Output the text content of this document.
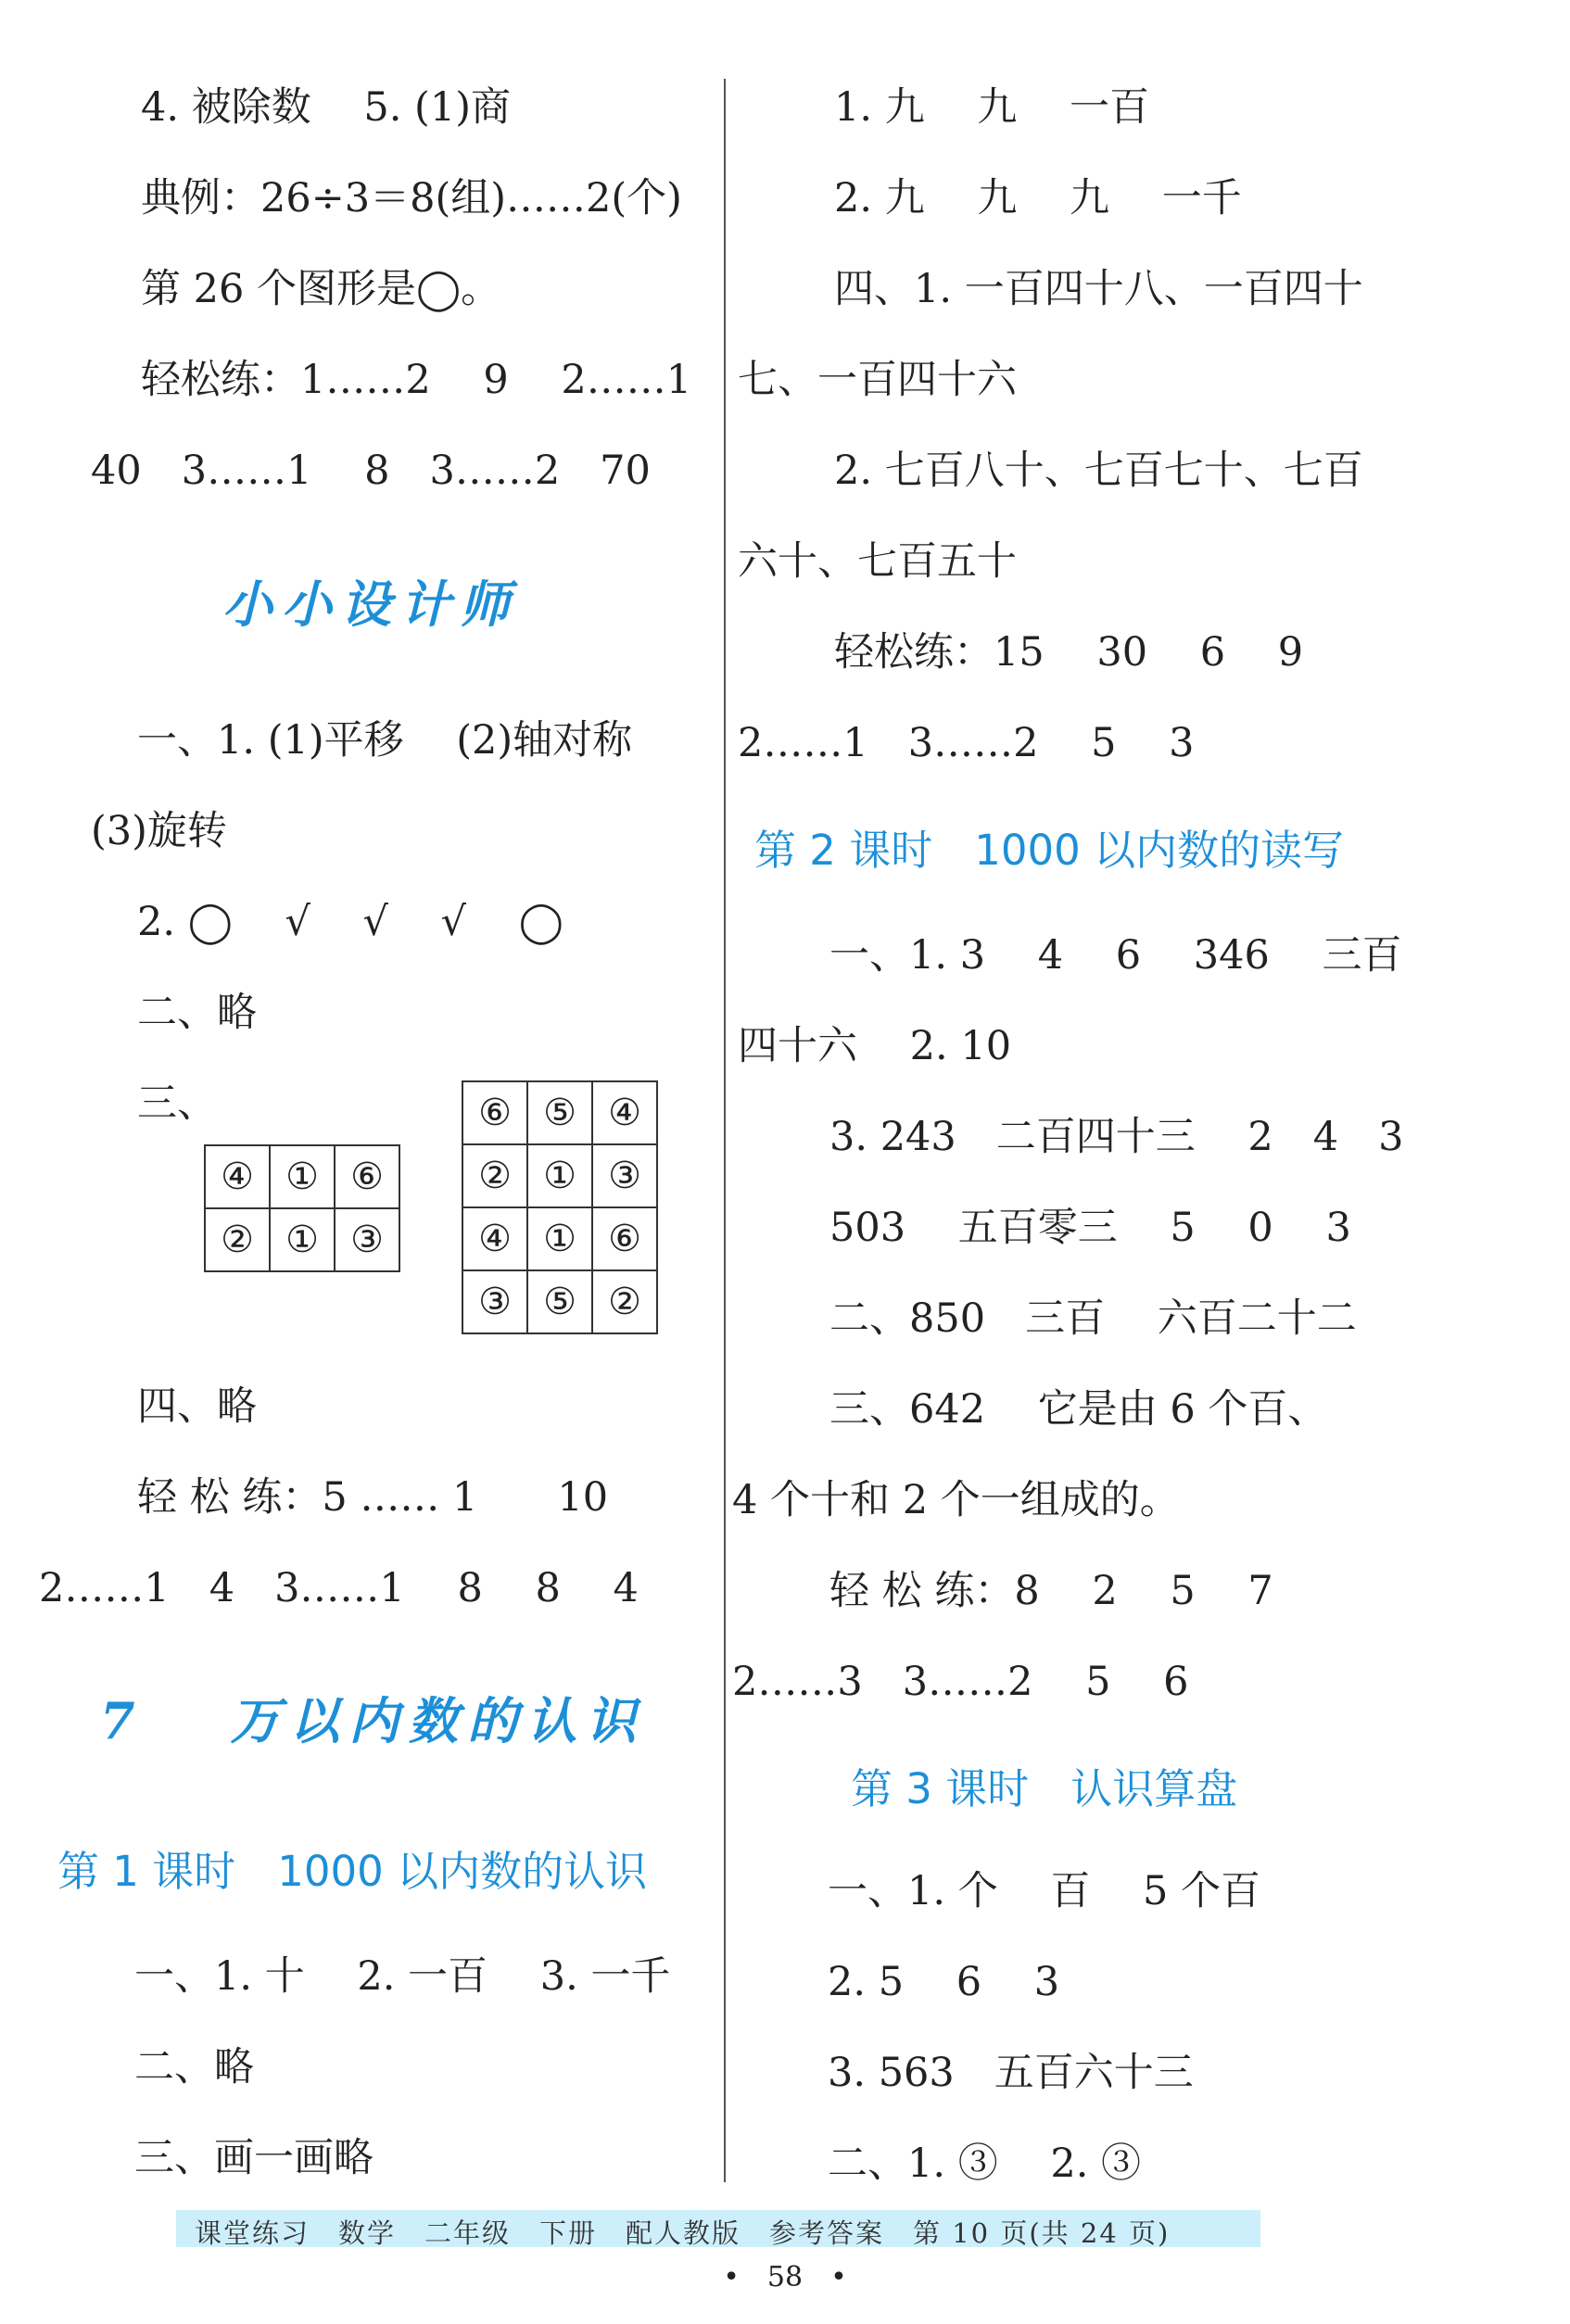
4. 被除数　 5. (1)商
典例：26÷3＝8(组)……2(个)
第 26 个图形是◯。
轻松练：1……2　 9　 2……1
40　3……1　 8　3……2　70
小小设计师
一、1. (1)平移　 (2)轴对称
(3)旋转
2. ◯　 √　 √　 √　 ◯
二、略
三、
④	①	⑥
②	①	③
⑥	⑤	④
②	①	③
④	①	⑥
③	⑤	②
四、略
轻 松 练：5 …… 1　　10
2……1　4　3……1　 8　 8　 4
7　 万以内数的认识
第 1 课时　1000 以内数的认识
一、1. 十　 2. 一百　 3. 一千
二、略
三、画一画略
1. 九　 九　 一百
2. 九　 九　 九　 一千
四、1. 一百四十八、一百四十
七、一百四十六
2. 七百八十、七百七十、七百
六十、七百五十
轻松练：15　 30　 6　 9
2……1　3……2　 5　 3
第 2 课时　1000 以内数的读写
一、1. 3　 4　 6　 346　 三百
四十六　 2. 10
3. 243　二百四十三　 2　4　3
503　 五百零三　 5　 0　 3
二、850　三百　 六百二十二
三、642　 它是由 6 个百、
4 个十和 2 个一组成的。
轻 松 练：8　 2　 5　 7
2……3　3……2　 5　 6
第 3 课时　认识算盘
一、1. 个　 百　 5 个百
2. 5　 6　 3
3. 563　五百六十三
二、1. ③　 2. ③
课堂练习　数学　二年级　下册　配人教版　参考答案　第 10 页(共 24 页)
•　58　•
